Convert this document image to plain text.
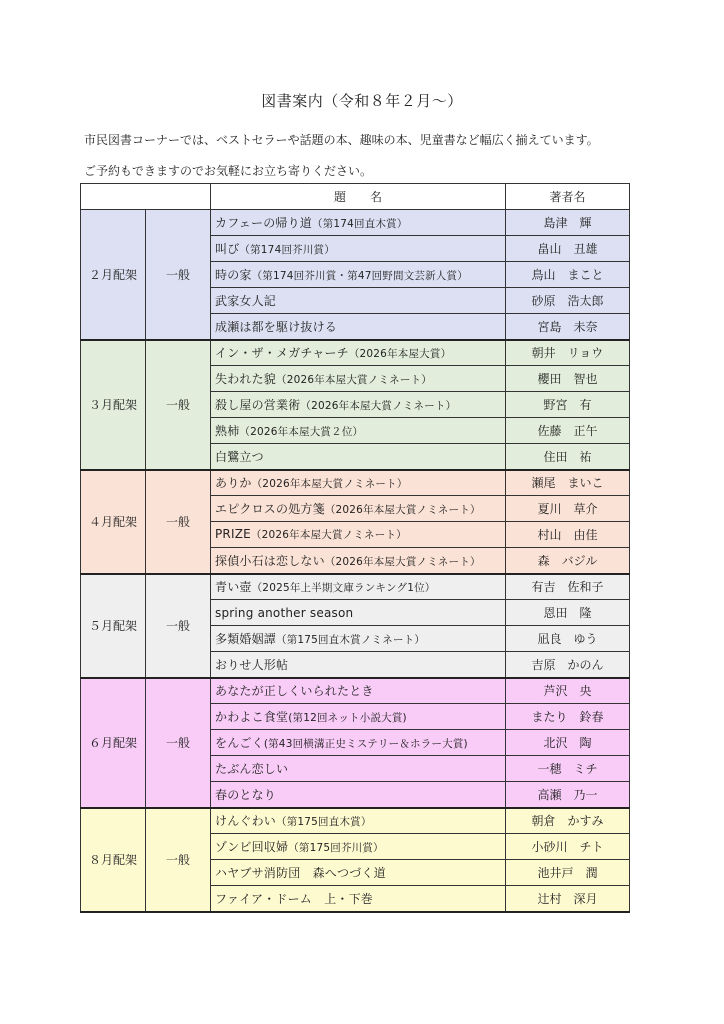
図書案内（令和８年２月～）
市民図書コーナーでは、ベストセラーや話題の本、趣味の本、児童書など幅広く揃えています。
ご予約もできますのでお気軽にお立ち寄りください。
		題　　名	著者名
２月配架	一般	カフェーの帰り道（第174回直木賞）	島津　輝
		叫び（第174回芥川賞）	畠山　丑雄
		時の家（第174回芥川賞・第47回野間文芸新人賞）	鳥山　まこと
		武家女人記	砂原　浩太郎
		成瀬は都を駆け抜ける	宮島　未奈
３月配架	一般	イン・ザ・メガチャーチ（2026年本屋大賞）	朝井　リョウ
		失われた貌（2026年本屋大賞ノミネート）	櫻田　智也
		殺し屋の営業術（2026年本屋大賞ノミネート）	野宮　有
		熟柿（2026年本屋大賞２位）	佐藤　正午
		白鷺立つ	住田　祐
４月配架	一般	ありか（2026年本屋大賞ノミネート）	瀬尾　まいこ
		エピクロスの処方箋（2026年本屋大賞ノミネート）	夏川　草介
		PRIZE（2026年本屋大賞ノミネート）	村山　由佳
		探偵小石は恋しない（2026年本屋大賞ノミネート）	森　バジル
５月配架	一般	青い壺（2025年上半期文庫ランキング1位）	有吉　佐和子
		spring another season	恩田　隆
		多類婚姻譚（第175回直木賞ノミネート）	凪良　ゆう
		おりせ人形帖	吉原　かのん
６月配架	一般	あなたが正しくいられたとき	芦沢　央
		かわよこ食堂(第12回ネット小説大賞)	またり　鈴春
		をんごく(第43回横溝正史ミステリー＆ホラー大賞)	北沢　陶
		たぶん恋しい	一穂　ミチ
		春のとなり	高瀬　乃一
８月配架	一般	けんぐわい（第175回直木賞）	朝倉　かすみ
		ゾンビ回収婦（第175回芥川賞）	小砂川　チト
		ハヤブサ消防団　森へつづく道	池井戸　潤
		ファイア・ドーム　上・下巻	辻村　深月
